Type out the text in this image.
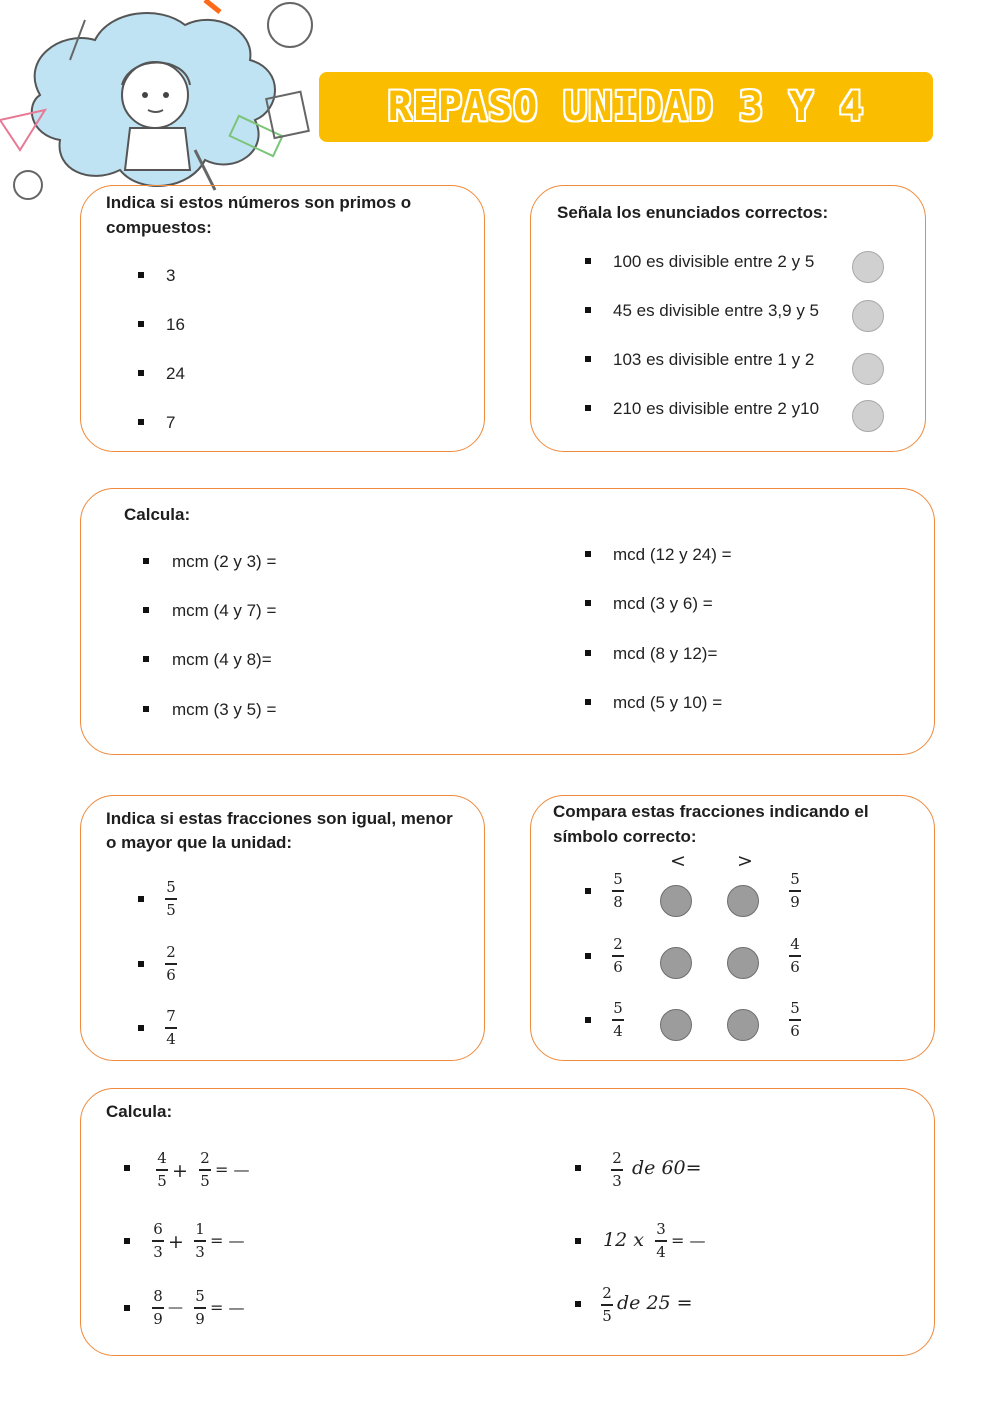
REPASO UNIDAD 3 Y 4
Indica si estos números son primos o
compuestos:
3
16
24
7
Señala los enunciados correctos:
100 es divisible entre 2 y 5
45 es divisible entre 3,9 y 5
103 es divisible entre 1 y 2
210 es divisible entre 2 y10
Calcula:
mcm (2 y 3) =
mcm (4 y 7) =
mcm (4 y 8)=
mcm (3 y 5) =
mcd (12 y 24) =
mcd (3 y 6) =
mcd (8 y 12)=
mcd (5 y 10) =
Indica si estas fracciones son igual, menor
o mayor que la unidad:
5
5
2
6
7
4
Compara estas fracciones indicando el
símbolo correcto:
<	>
5
8
5
9
2
6
4
6
5
4
5
6
Calcula:
4
5 +
2
5
= —
6
3 +
1
3
= —
8
9
—
5
9
= —
2
3
de 60=
12 x 3
4
= —
2
5
de 25 =
